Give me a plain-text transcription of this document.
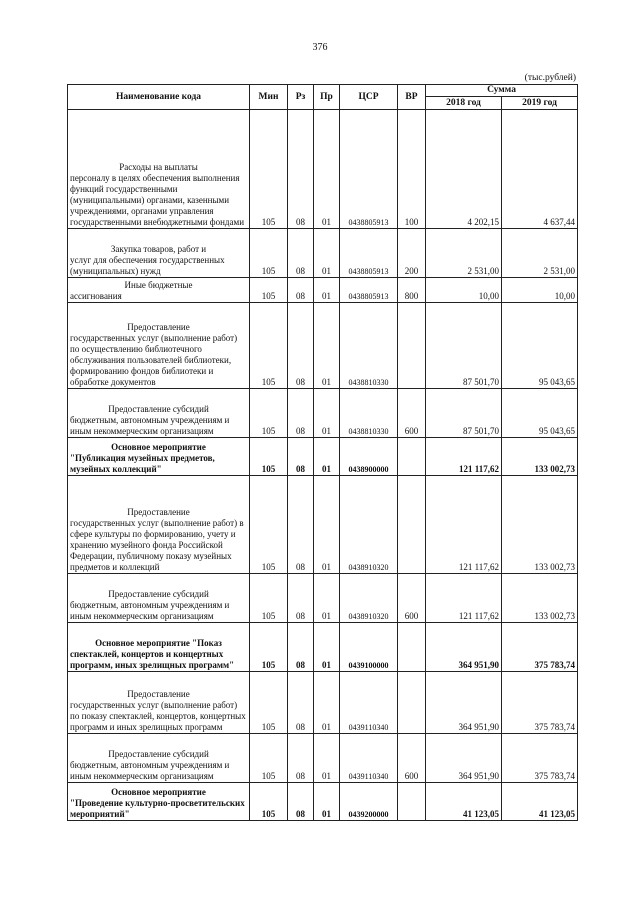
376
(тыс.рублей)
Наименование кода	Мин	Рз	Пр	ЦСР	ВР	Сумма	
						2018 год	2019 год

Расходы на выплаты
персоналу в целях обеспечения выполнения функций государственными (муниципальными) органами, казенными учреждениями, органами управления государственными внебюджетными фондами	105	08	01	0438805913	100	4 202,15	4 637,44

Закупка товаров, работ и
услуг для обеспечения государственных (муниципальных) нужд	105	08	01	0438805913	200	2 531,00	2 531,00

Иные бюджетные
ассигнования	105	08	01	0438805913	800	10,00	10,00

Предоставление
государственных услуг (выполнение работ) по осуществлению библиотечного обслуживания пользователей библиотеки, формированию фондов библиотеки и обработке документов	105	08	01	0438810330		87 501,70	95 043,65

Предоставление субсидий
бюджетным, автономным учреждениям и иным некоммерческим организациям	105	08	01	0438810330	600	87 501,70	95 043,65

Основное мероприятие
"Публикация музейных предметов, музейных коллекций"	105	08	01	0438900000		121 117,62	133 002,73

Предоставление
государственных услуг (выполнение работ) в сфере культуры по формированию, учету и хранению музейного фонда Российской Федерации, публичному показу музейных предметов и коллекций	105	08	01	0438910320		121 117,62	133 002,73

Предоставление субсидий
бюджетным, автономным учреждениям и иным некоммерческим организациям	105	08	01	0438910320	600	121 117,62	133 002,73

Основное мероприятие "Показ
спектаклей, концертов и концертных программ, иных зрелищных программ"	105	08	01	0439100000		364 951,90	375 783,74

Предоставление
государственных услуг (выполнение работ) по показу спектаклей, концертов, концертных программ и иных зрелищных программ	105	08	01	0439110340		364 951,90	375 783,74

Предоставление субсидий
бюджетным, автономным учреждениям и иным некоммерческим организациям	105	08	01	0439110340	600	364 951,90	375 783,74

Основное мероприятие
"Проведение культурно-просветительских мероприятий"	105	08	01	0439200000		41 123,05	41 123,05
